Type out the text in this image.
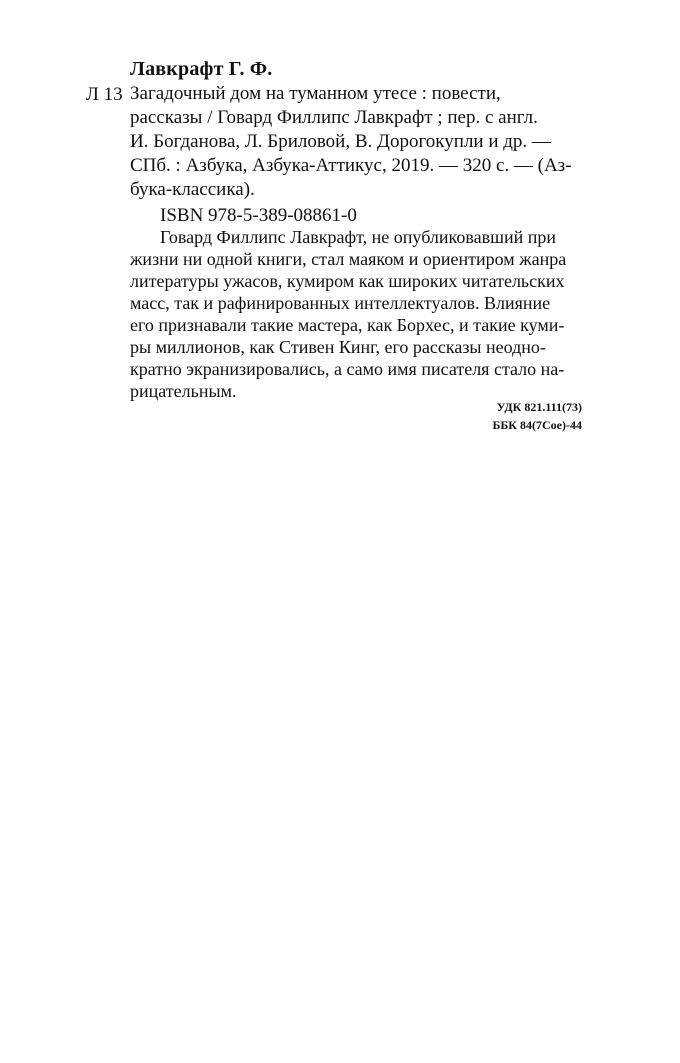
Лавкрафт Г. Ф.
Л 13 Загадочный дом на туманном утесе : повести,
рассказы / Говард Филлипс Лавкрафт ; пер. с англ.
И. Богданова, Л. Бриловой, В. Дорогокупли и др. —
СПб. : Азбука, Азбука-Аттикус, 2019. — 320 с. — (Аз-
бука-классика).
ISBN 978-5-389-08861-0
Говард Филлипс Лавкрафт, не опубликовавший при
жизни ни одной книги, стал маяком и ориентиром жанра
литературы ужасов, кумиром как широких читательских
масс, так и рафинированных интеллектуалов. Влияние
его признавали такие мастера, как Борхес, и такие куми-
ры миллионов, как Стивен Кинг, его рассказы неодно-
кратно экранизировались, а само имя писателя стало на-
рицательным.
УДК 821.111(73)
ББК 84(7Сое)-44
